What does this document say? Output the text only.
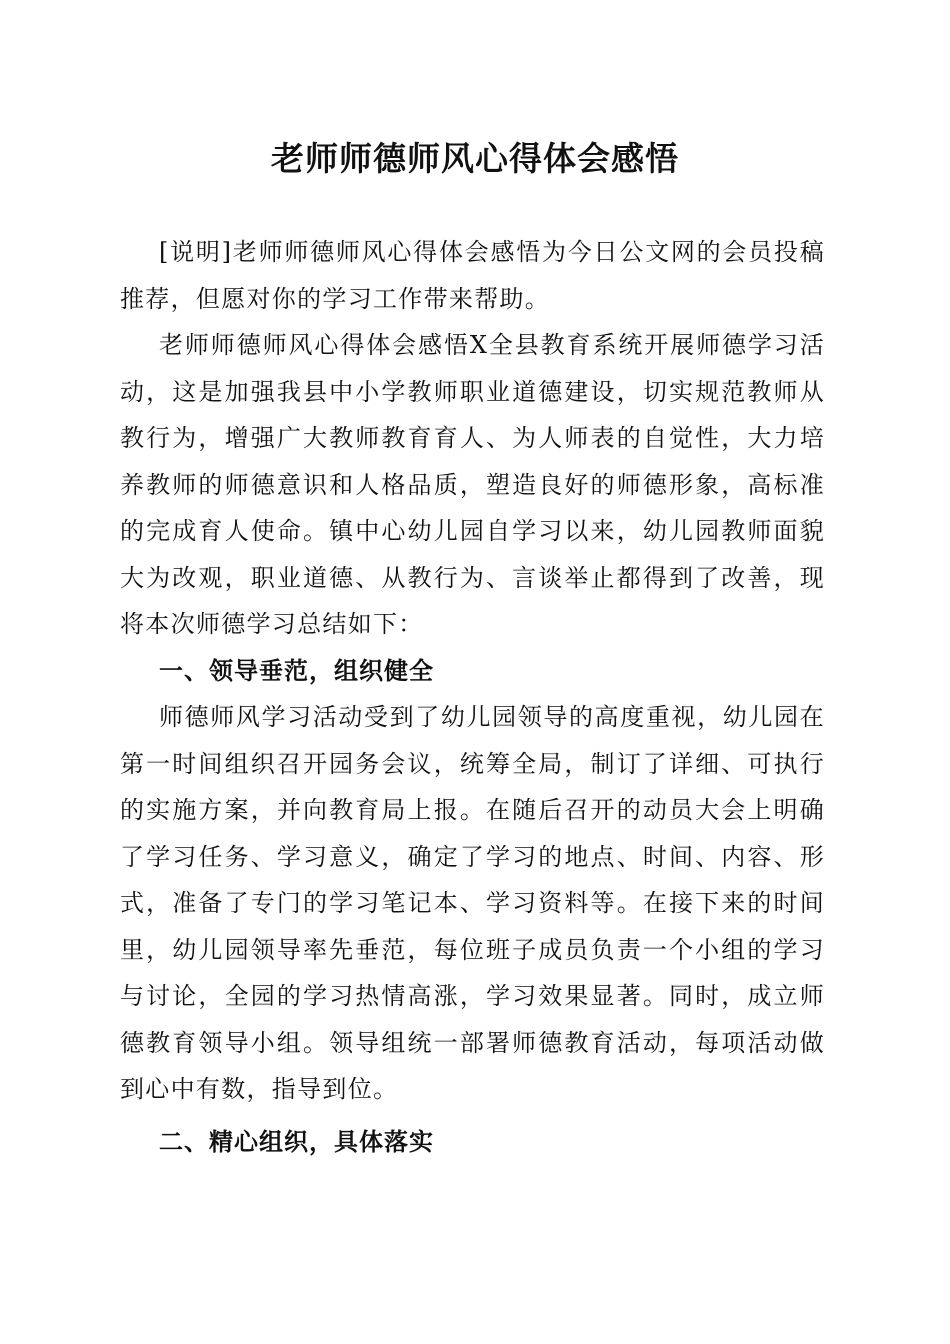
老师师德师风心得体会感悟

[说明]老师师德师风心得体会感悟为今日公文网的会员投稿推荐，但愿对你的学习工作带来帮助。

老师师德师风心得体会感悟X全县教育系统开展师德学习活动，这是加强我县中小学教师职业道德建设，切实规范教师从教行为，增强广大教师教育育人、为人师表的自觉性，大力培养教师的师德意识和人格品质，塑造良好的师德形象，高标准的完成育人使命。镇中心幼儿园自学习以来，幼儿园教师面貌大为改观，职业道德、从教行为、言谈举止都得到了改善，现将本次师德学习总结如下：

一、领导垂范，组织健全

师德师风学习活动受到了幼儿园领导的高度重视，幼儿园在第一时间组织召开园务会议，统筹全局，制订了详细、可执行的实施方案，并向教育局上报。在随后召开的动员大会上明确了学习任务、学习意义，确定了学习的地点、时间、内容、形式，准备了专门的学习笔记本、学习资料等。在接下来的时间里，幼儿园领导率先垂范，每位班子成员负责一个小组的学习与讨论，全园的学习热情高涨，学习效果显著。同时，成立师德教育领导小组。领导组统一部署师德教育活动，每项活动做到心中有数，指导到位。

二、精心组织，具体落实
